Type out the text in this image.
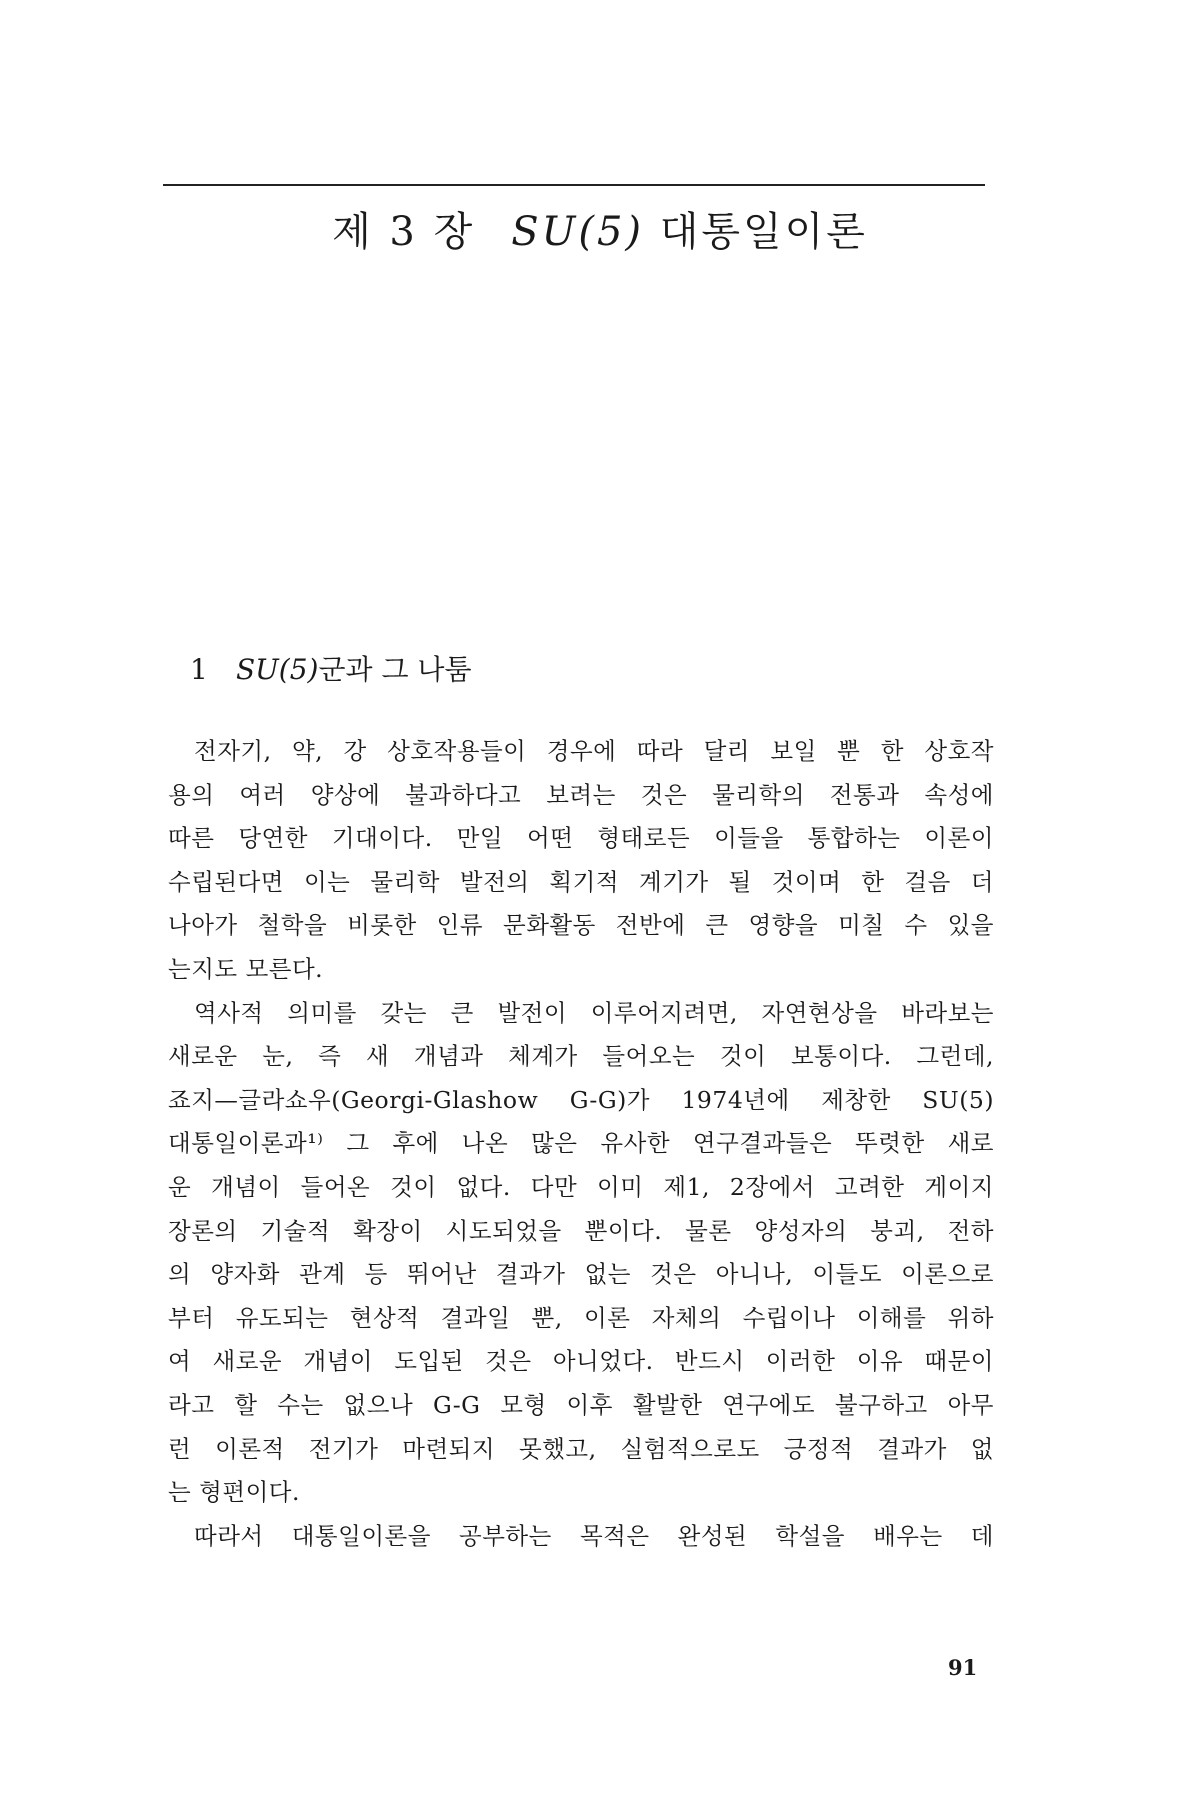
제 3 장 SU(5) 대통일이론
1 SU(5)군과 그 나툼
전자기, 약, 강 상호작용들이 경우에 따라 달리 보일 뿐 한 상호작
용의 여러 양상에 불과하다고 보려는 것은 물리학의 전통과 속성에
따른 당연한 기대이다. 만일 어떤 형태로든 이들을 통합하는 이론이
수립된다면 이는 물리학 발전의 획기적 계기가 될 것이며 한 걸음 더
나아가 철학을 비롯한 인류 문화활동 전반에 큰 영향을 미칠 수 있을
는지도 모른다.
역사적 의미를 갖는 큰 발전이 이루어지려면, 자연현상을 바라보는
새로운 눈, 즉 새 개념과 체계가 들어오는 것이 보통이다. 그런데,
죠지—글라쇼우(Georgi-Glashow G-G)가 1974년에 제창한 SU(5)
대통일이론과¹⁾ 그 후에 나온 많은 유사한 연구결과들은 뚜렷한 새로
운 개념이 들어온 것이 없다. 다만 이미 제1, 2장에서 고려한 게이지
장론의 기술적 확장이 시도되었을 뿐이다. 물론 양성자의 붕괴, 전하
의 양자화 관계 등 뛰어난 결과가 없는 것은 아니나, 이들도 이론으로
부터 유도되는 현상적 결과일 뿐, 이론 자체의 수립이나 이해를 위하
여 새로운 개념이 도입된 것은 아니었다. 반드시 이러한 이유 때문이
라고 할 수는 없으나 G-G 모형 이후 활발한 연구에도 불구하고 아무
런 이론적 전기가 마련되지 못했고, 실험적으로도 긍정적 결과가 없
는 형편이다.
따라서 대통일이론을 공부하는 목적은 완성된 학설을 배우는 데
91
